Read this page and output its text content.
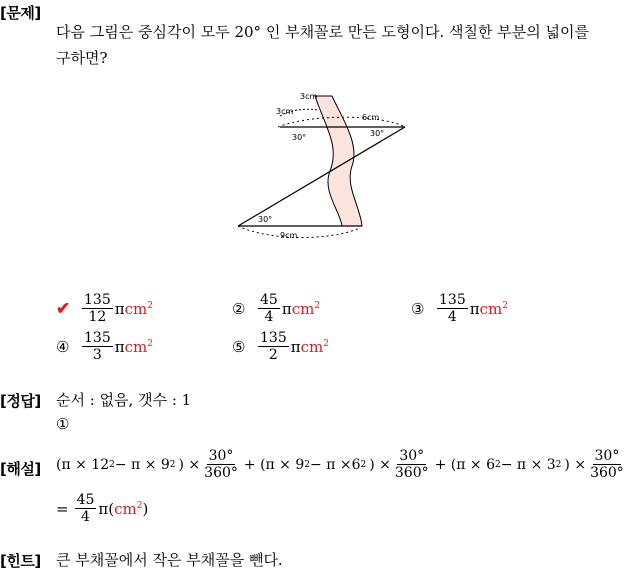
[문제]
다음 그림은 중심각이 모두 20° 인 부채꼴로 만든 도형이다. 색칠한 부분의 넓이를
구하면?
3cm
3cm
6cm
30°	30°
30°
9cm
✔ $\frac{135}{12}$ π $cm^2$	② $\frac{45}{4}$ π $cm^2$	③ $\frac{135}{4}$ π $cm^2$
④ $\frac{135}{3}$ π $cm^2$	⑤ $\frac{135}{2}$ π $cm^2$
[정답] 순서 : 없음, 갯수 : 1
①
[해설] (π × 12 2 − π × 9 2 ) × $\frac{30^\circ}{360^\circ} + (\pi \times 9$ 2 − π ×6 2 ) × $\frac{30^\circ}{360^\circ} + (\pi \times 6$ 2 − π × 3 2 ) × $\frac{30^\circ}{360^\circ}$
= $\frac{45}{4} \pi$( $cm^2$ )
[힌트] 큰 부채꼴에서 작은 부채꼴을 뺀다.
